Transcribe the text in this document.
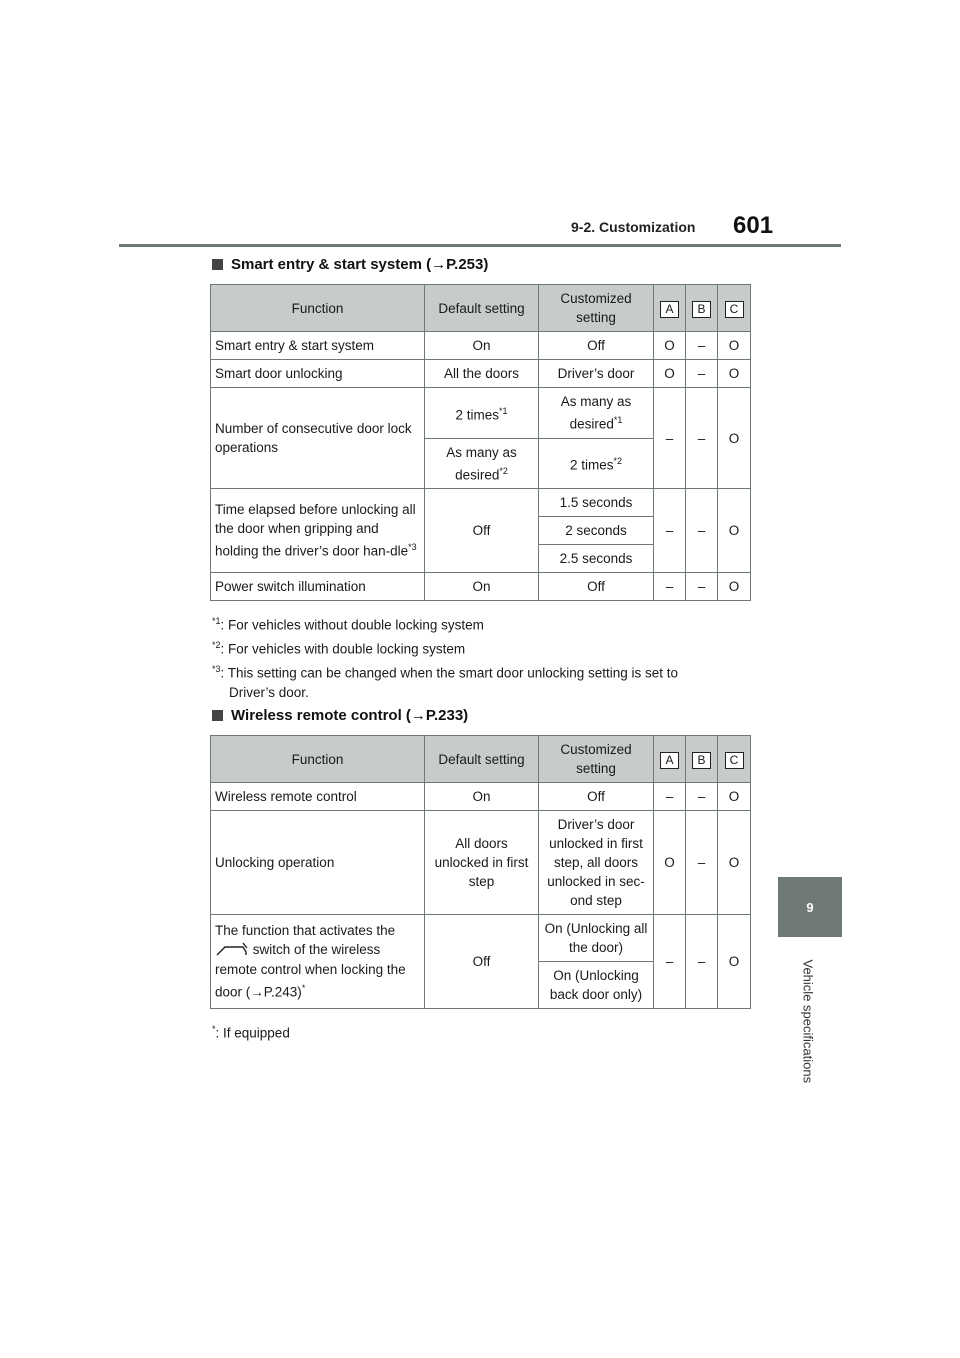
9-2. Customization 601
9
Vehicle specifications
Smart entry & start system (→P.253)
Function	Default setting	Customized setting	A	B	C
Smart entry & start system	On	Off	O	–	O
Smart door unlocking	All the doors	Driver’s door	O	–	O
Number of consecutive door lock operations	2 times$^{*1}$	As many as desired$^{*1}$	–	–	O
	As many as desired$^{*2}$	2 times$^{*2}$
Time elapsed before unlocking all the door when gripping and holding the driver’s door han-dle$^{*3}$	Off	1.5 seconds	–	–	O
		2 seconds			
		2.5 seconds			
Power switch illumination	On	Off	–	–	O
$^{*1}$: For vehicles without double locking system
$^{*2}$: For vehicles with double locking system
$^{*3}$: This setting can be changed when the smart door unlocking setting is set to
Driver’s door.
Wireless remote control (→P.233)
Function	Default setting	Customized setting	A	B	C
Wireless remote control	On	Off	–	–	O
Unlocking operation	All doors unlocked in first step	Driver’s door unlocked in first step, all doors unlocked in sec-ond step	O	–	O
The function that activates the
switch of the wireless remote control when locking the door (→P.243)*	Off	On (Unlocking all the door)	–	–	O
		On (Unlocking back door only)			
*: If equipped
